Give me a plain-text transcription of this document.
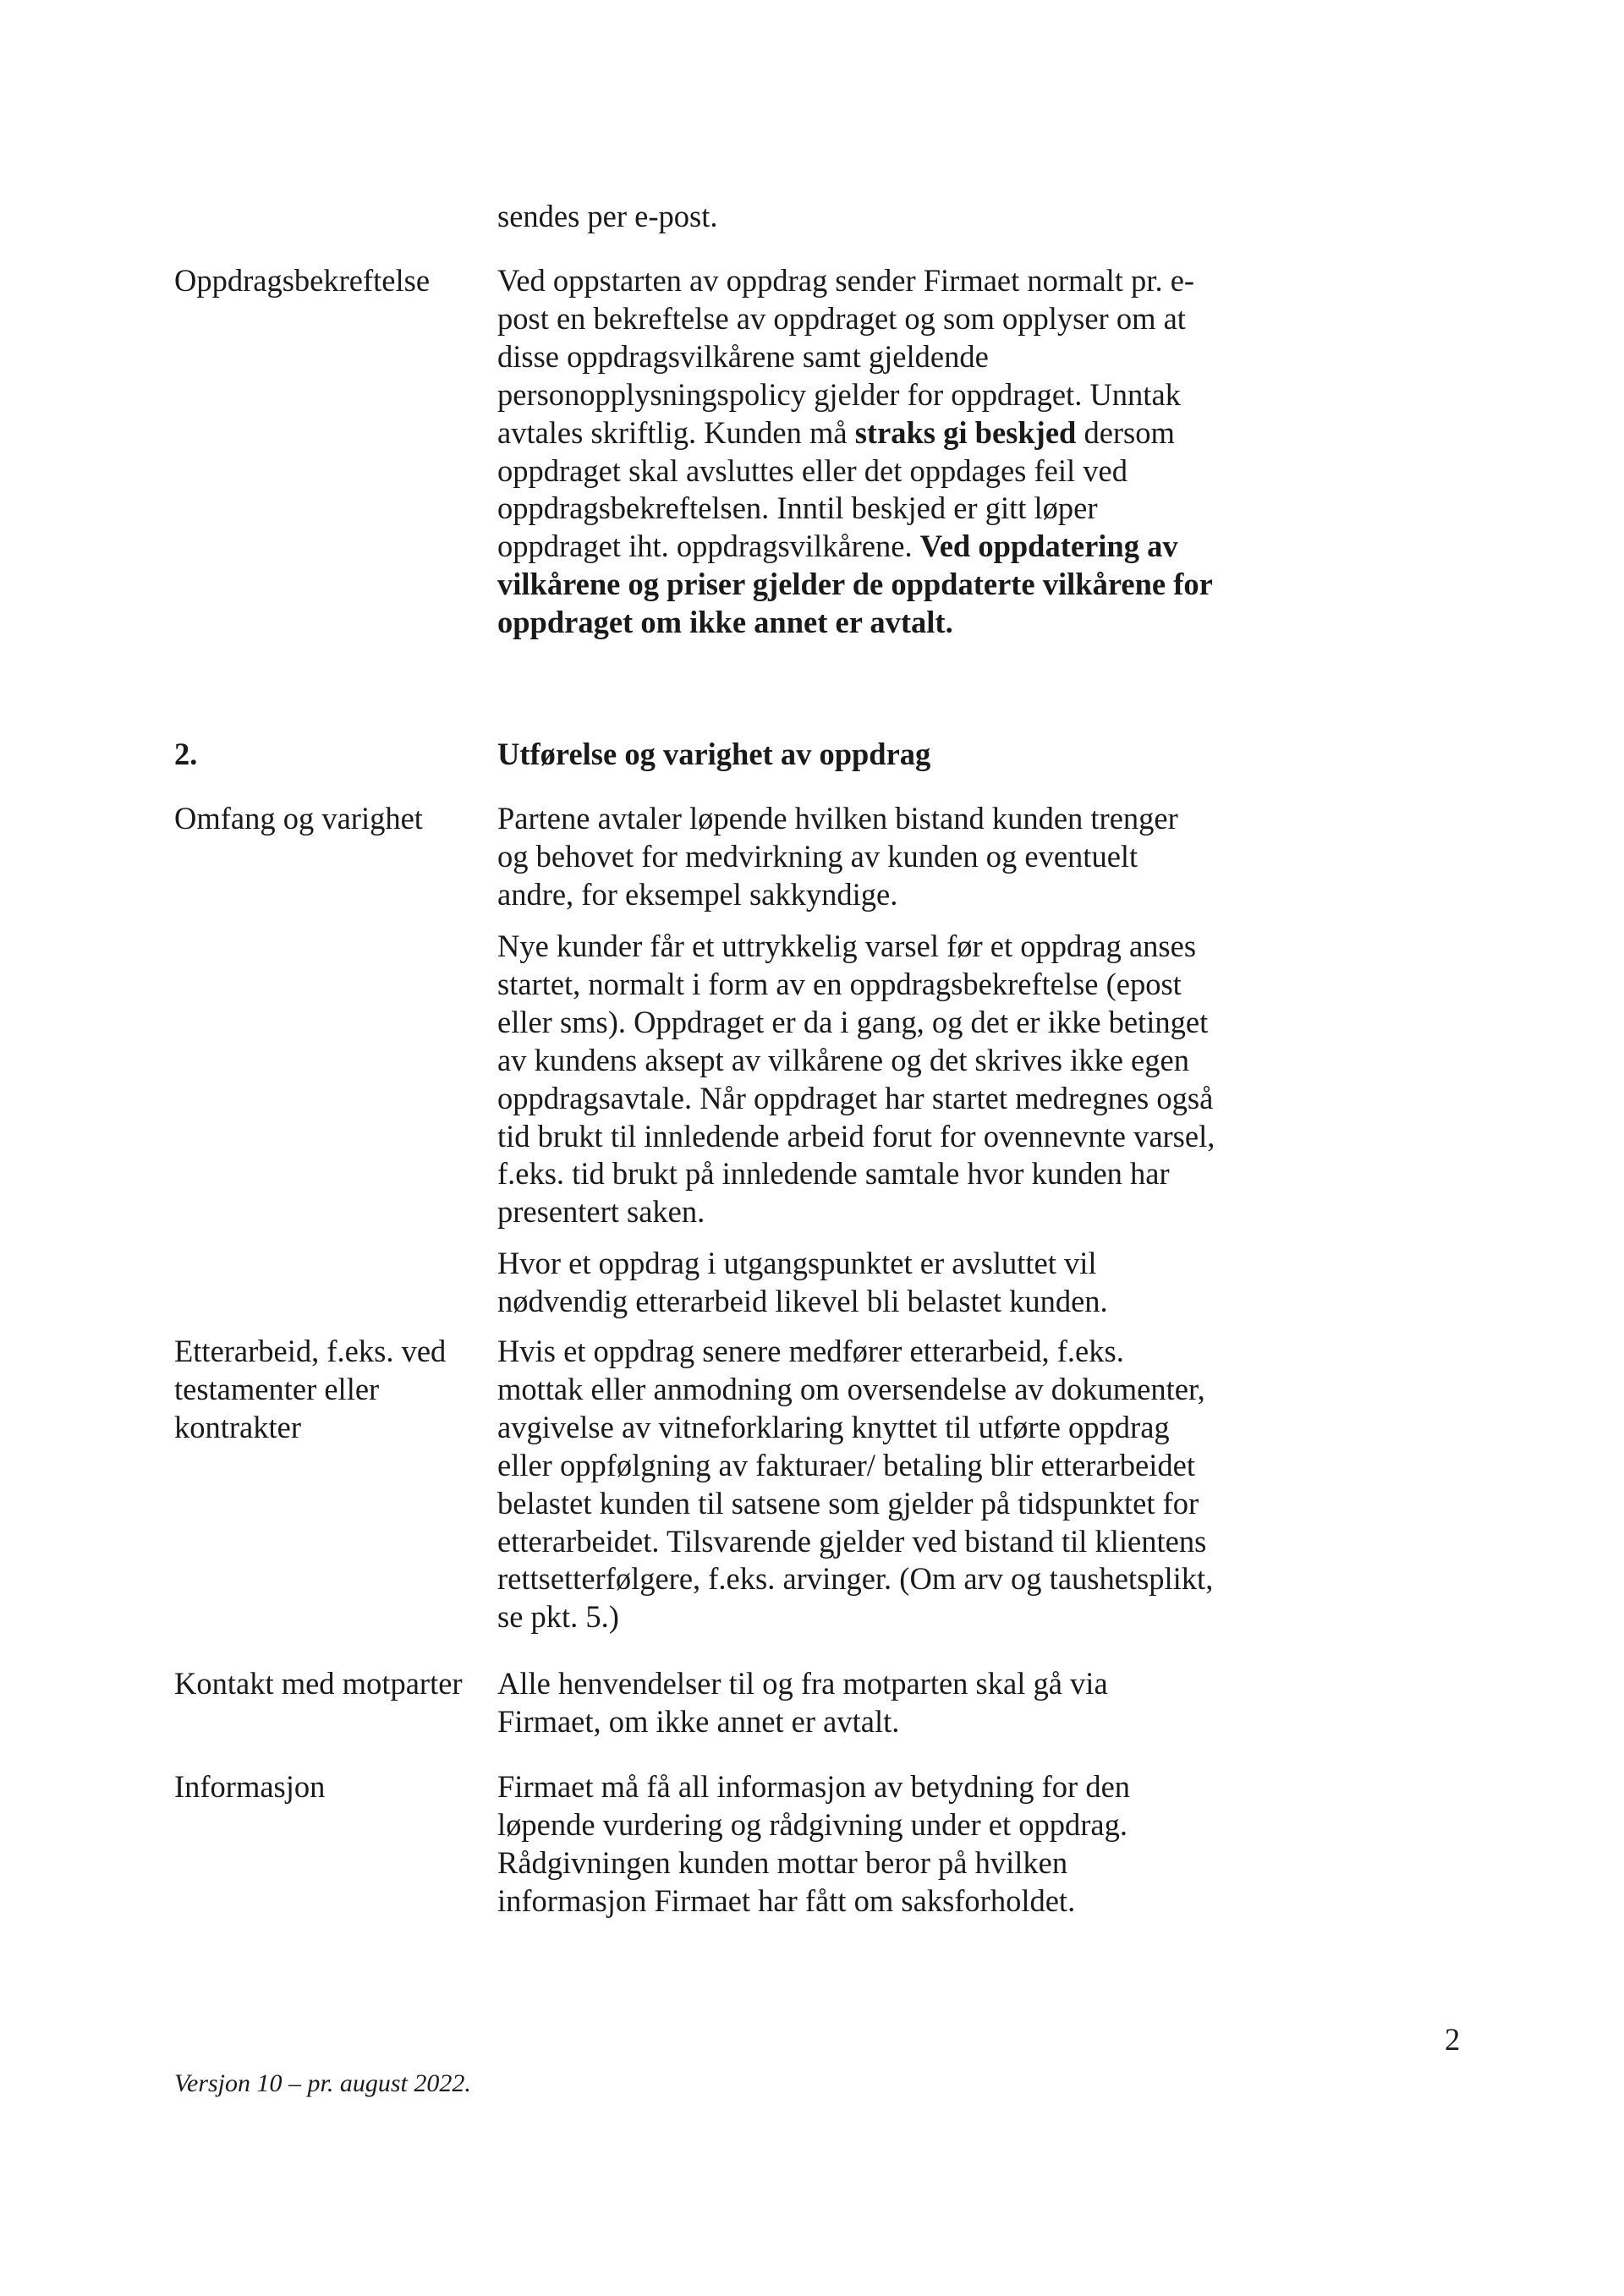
sendes per e-post.
Oppdragsbekreftelse Ved oppstarten av oppdrag sender Firmaet normalt pr. e-
post en bekreftelse av oppdraget og som opplyser om at
disse oppdragsvilkårene samt gjeldende
personopplysningspolicy gjelder for oppdraget. Unntak
avtales skriftlig. Kunden må straks gi beskjed dersom
oppdraget skal avsluttes eller det oppdages feil ved
oppdragsbekreftelsen. Inntil beskjed er gitt løper
oppdraget iht. oppdragsvilkårene. Ved oppdatering av
vilkårene og priser gjelder de oppdaterte vilkårene for
oppdraget om ikke annet er avtalt.
2.	Utførelse og varighet av oppdrag
Omfang og varighet Partene avtaler løpende hvilken bistand kunden trenger
og behovet for medvirkning av kunden og eventuelt
andre, for eksempel sakkyndige.
Nye kunder får et uttrykkelig varsel før et oppdrag anses
startet, normalt i form av en oppdragsbekreftelse (epost
eller sms). Oppdraget er da i gang, og det er ikke betinget
av kundens aksept av vilkårene og det skrives ikke egen
oppdragsavtale. Når oppdraget har startet medregnes også
tid brukt til innledende arbeid forut for ovennevnte varsel,
f.eks. tid brukt på innledende samtale hvor kunden har
presentert saken.
Hvor et oppdrag i utgangspunktet er avsluttet vil
nødvendig etterarbeid likevel bli belastet kunden.
Etterarbeid, f.eks. ved
testamenter eller
kontrakter
Hvis et oppdrag senere medfører etterarbeid, f.eks.
mottak eller anmodning om oversendelse av dokumenter,
avgivelse av vitneforklaring knyttet til utførte oppdrag
eller oppfølgning av fakturaer/ betaling blir etterarbeidet
belastet kunden til satsene som gjelder på tidspunktet for
etterarbeidet. Tilsvarende gjelder ved bistand til klientens
rettsetterfølgere, f.eks. arvinger. (Om arv og taushetsplikt,
se pkt. 5.)
Kontakt med motparter Alle henvendelser til og fra motparten skal gå via
Firmaet, om ikke annet er avtalt.
Informasjon	Firmaet må få all informasjon av betydning for den
løpende vurdering og rådgivning under et oppdrag.
Rådgivningen kunden mottar beror på hvilken
informasjon Firmaet har fått om saksforholdet.
2
Versjon 10 – pr. august 2022.
